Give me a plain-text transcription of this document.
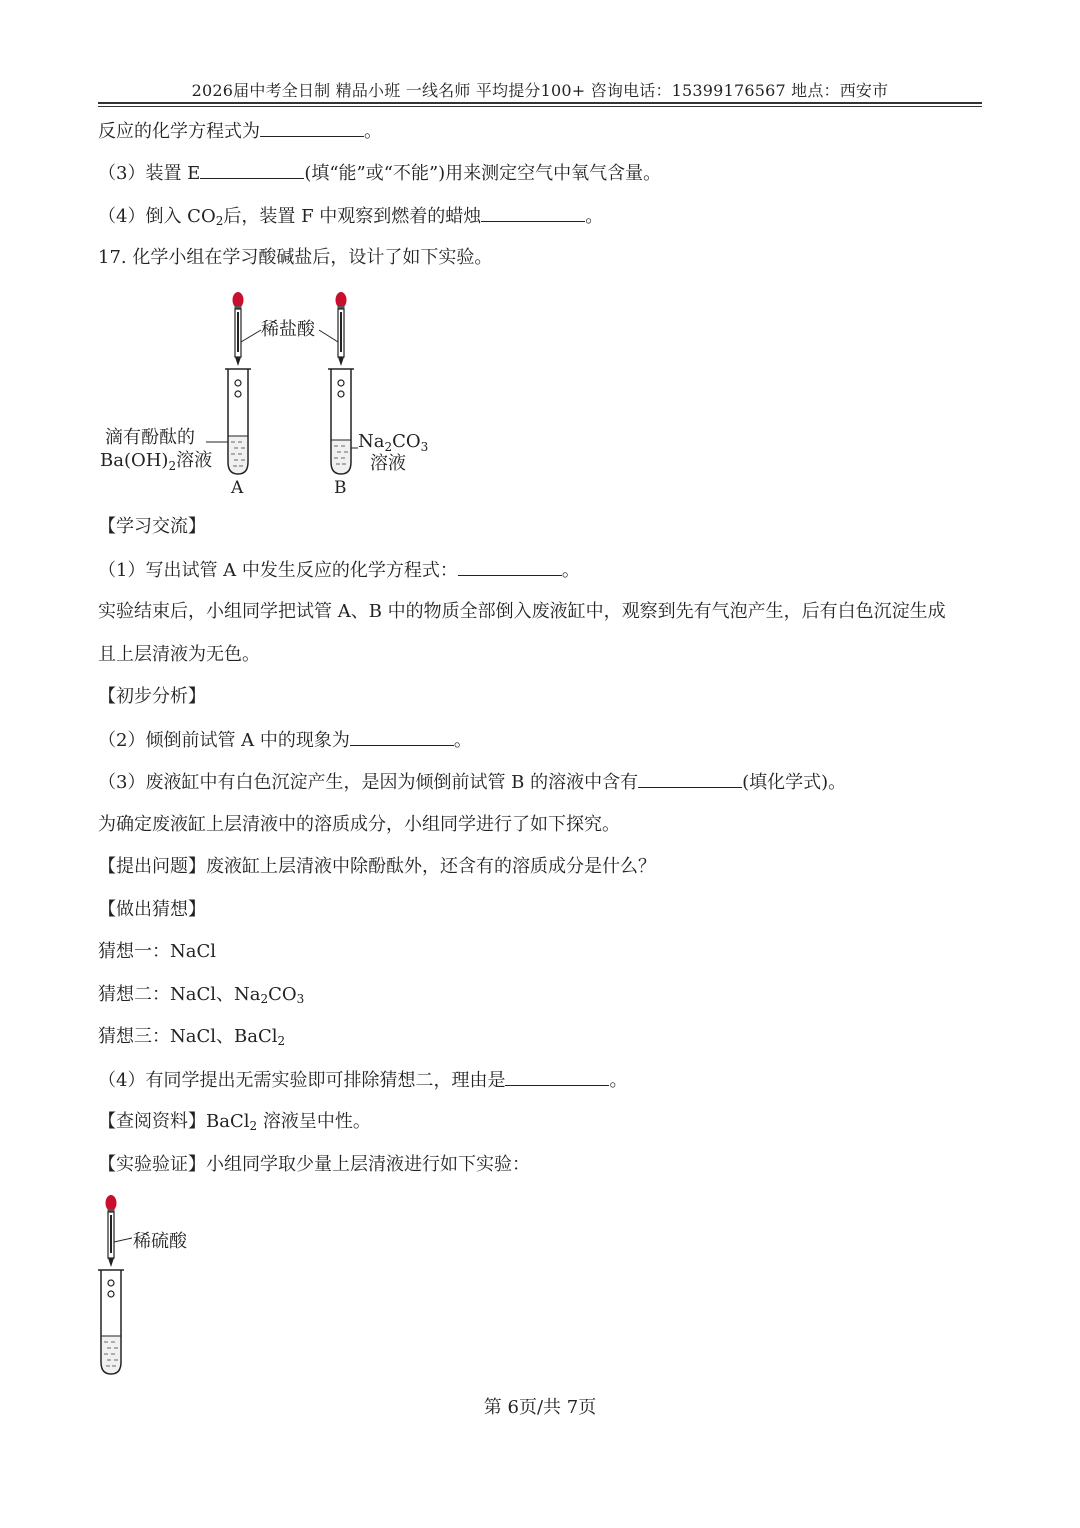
2026届中考全日制 精品小班 一线名师 平均提分100+ 咨询电话：15399176567 地点：西安市
反应的化学方程式为	。
（3）装置 E	(填“能”或“不能”)用来测定空气中氧气含量。
（4）倒入 $CO_2$后，装置 F 中观察到燃着的蜡烛	。
17. 化学小组在学习酸碱盐后，设计了如下实验。
稀盐酸
滴有酚酞的
$Ba(OH)_2$溶液
$Na_2CO_3$
溶液
A	B
【学习交流】
（1）写出试管 A 中发生反应的化学方程式：	。
实验结束后，小组同学把试管 A、B 中的物质全部倒入废液缸中，观察到先有气泡产生，后有白色沉淀生成
且上层清液为无色。
【初步分析】
（2）倾倒前试管 A 中的现象为	。
（3）废液缸中有白色沉淀产生，是因为倾倒前试管 B 的溶液中含有	(填化学式)。
为确定废液缸上层清液中的溶质成分，小组同学进行了如下探究。
【提出问题】废液缸上层清液中除酚酞外，还含有的溶质成分是什么？
【做出猜想】
猜想一：NaCl
猜想二：NaCl、$Na_2CO_3$
猜想三：NaCl、BaCl$_2$
（4）有同学提出无需实验即可排除猜想二，理由是	。
【查阅资料】BaCl$_2$ 溶液呈中性。
【实验验证】小组同学取少量上层清液进行如下实验：
稀硫酸
第 6页/共 7页
